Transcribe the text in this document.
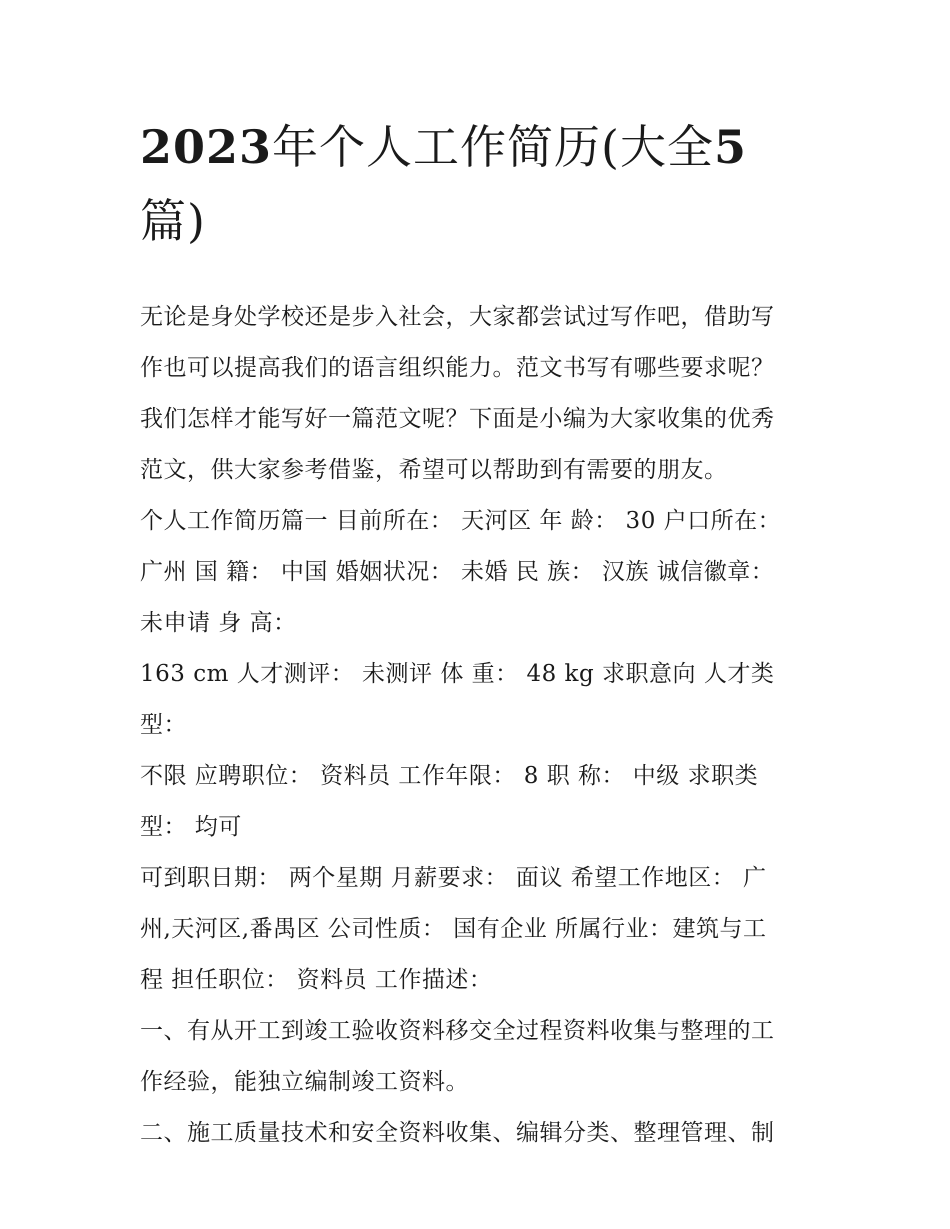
2023年个人工作简历(大全5
篇)

无论是身处学校还是步入社会，大家都尝试过写作吧，借助写
作也可以提高我们的语言组织能力。范文书写有哪些要求呢？
我们怎样才能写好一篇范文呢？下面是小编为大家收集的优秀
范文，供大家参考借鉴，希望可以帮助到有需要的朋友。

个人工作简历篇一 目前所在： 天河区 年 龄： 30 户口所在：
广州 国 籍： 中国 婚姻状况： 未婚 民 族： 汉族 诚信徽章：
未申请 身 高：

163 cm 人才测评： 未测评 体 重： 48 kg 求职意向 人才类型：
不限 应聘职位： 资料员 工作年限： 8 职 称： 中级 求职类
型： 均可

可到职日期： 两个星期 月薪要求： 面议 希望工作地区： 广
州,天河区,番禺区 公司性质： 国有企业 所属行业：建筑与工
程 担任职位： 资料员 工作描述：

一、有从开工到竣工验收资料移交全过程资料收集与整理的工
作经验，能独立编制竣工资料。

二、施工质量技术和安全资料收集、编辑分类、整理管理、制
